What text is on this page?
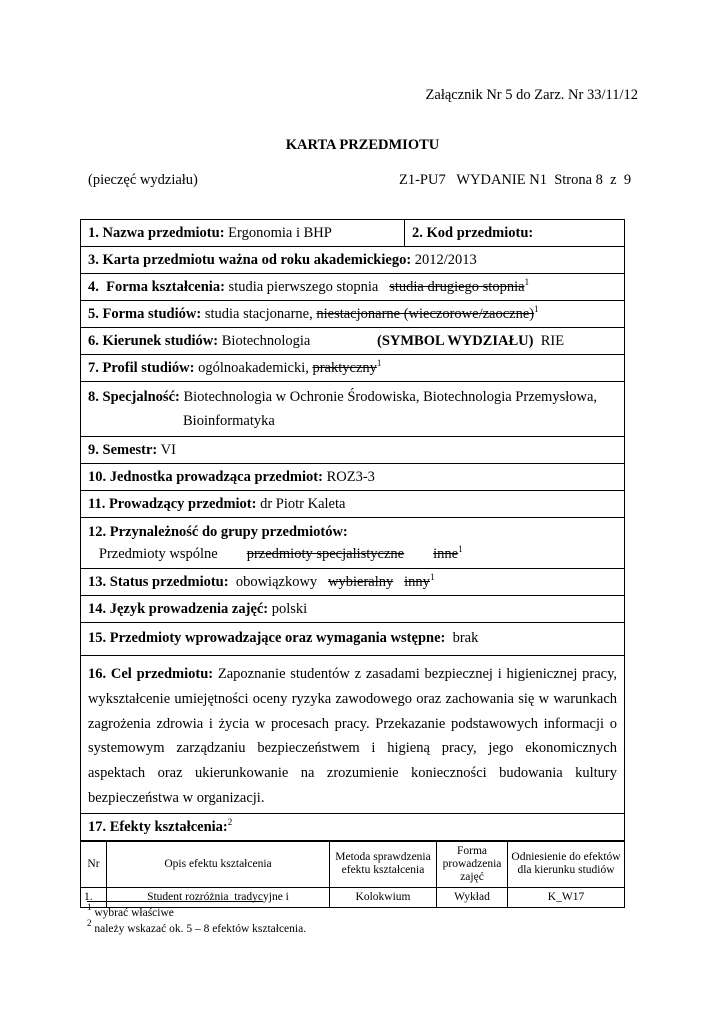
Załącznik Nr 5 do Zarz. Nr 33/11/12
KARTA PRZEDMIOTU
(pieczęć wydziału)	Z1-PU7   WYDANIE N1  Strona 8  z  9
1. Nazwa przedmiotu: Ergonomia i BHP	2. Kod przedmiotu:
3. Karta przedmiotu ważna od roku akademickiego: 2012/2013
4.  Forma kształcenia: studia pierwszego stopnia studia drugiego stopnia$^1$
5. Forma studiów: studia stacjonarne, niestacjonarne (wieczorowe/zaoczne)$^1$
6. Kierunek studiów: Biotechnologia	(SYMBOL WYDZIAŁU) RIE
7. Profil studiów: ogólnoakademicki, praktyczny$^1$
8. Specjalność: Biotechnologia w Ochronie Środowiska, Biotechnologia Przemysłowa,
Bioinformatyka
9. Semestr: VI
10. Jednostka prowadząca przedmiot: ROZ3-3
11. Prowadzący przedmiot: dr Piotr Kaleta
12. Przynależność do grupy przedmiotów:
Przedmioty wspólne przedmioty specjalistyczne inne$^1$
13. Status przedmiotu:  obowiązkowy wybieralny inny$^1$
14. Język prowadzenia zajęć: polski
15. Przedmioty wprowadzające oraz wymagania wstępne:  brak
16. Cel przedmiotu: Zapoznanie studentów z zasadami bezpiecznej i higienicznej pracy, wykształcenie umiejętności oceny ryzyka zawodowego oraz zachowania się w warunkach zagrożenia zdrowia i życia w procesach pracy. Przekazanie podstawowych informacji o systemowym zarządzaniu bezpieczeństwem i higieną pracy, jego ekonomicznych aspektach oraz ukierunkowanie na zrozumienie konieczności budowania kultury bezpieczeństwa w organizacji.
17. Efekty kształcenia:$^2$
Nr	Opis efektu kształcenia	Metoda sprawdzenia efektu kształcenia	Forma prowadzenia zajęć	Odniesienie do efektów dla kierunku studiów
1.	Student rozróżnia  tradycyjne i	Kolokwium	Wykład	K_W17
$^1$ wybrać właściwe
$^2$ należy wskazać ok. 5 – 8 efektów kształcenia.
